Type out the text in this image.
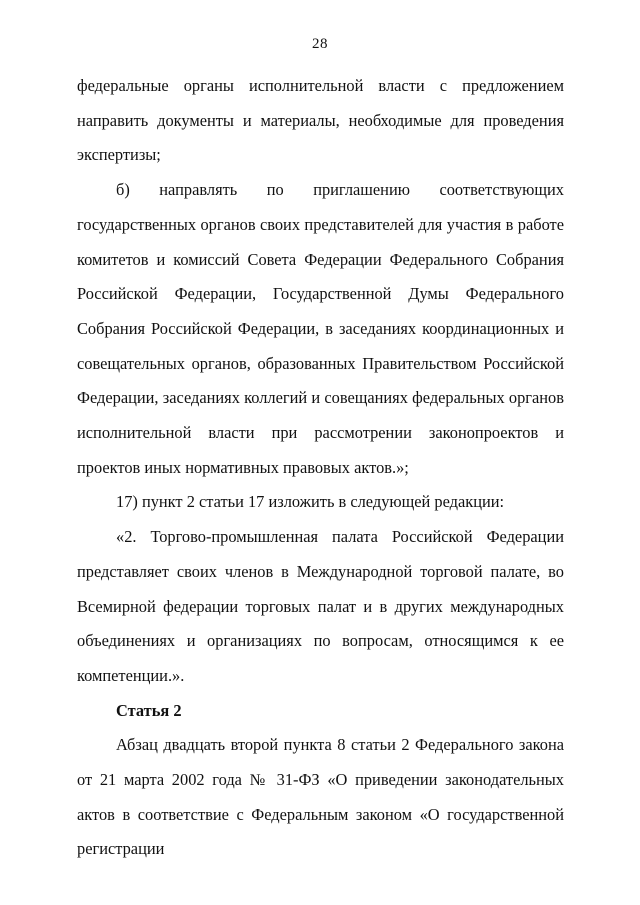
28

федеральные органы исполнительной власти с предложением направить документы и материалы, необходимые для проведения экспертизы;

б) направлять по приглашению соответствующих государственных органов своих представителей для участия в работе комитетов и комиссий Совета Федерации Федерального Собрания Российской Федерации, Государственной Думы Федерального Собрания Российской Федерации, в заседаниях координационных и совещательных органов, образованных Правительством Российской Федерации, заседаниях коллегий и совещаниях федеральных органов исполнительной власти при рассмотрении законопроектов и проектов иных нормативных правовых актов.»;

17) пункт 2 статьи 17 изложить в следующей редакции:

«2. Торгово-промышленная палата Российской Федерации представляет своих членов в Международной торговой палате, во Всемирной федерации торговых палат и в других международных объединениях и организациях по вопросам, относящимся к ее компетенции.».

Статья 2

Абзац двадцать второй пункта 8 статьи 2 Федерального закона от 21 марта 2002 года № 31-ФЗ «О приведении законодательных актов в соответствие с Федеральным законом «О государственной регистрации
